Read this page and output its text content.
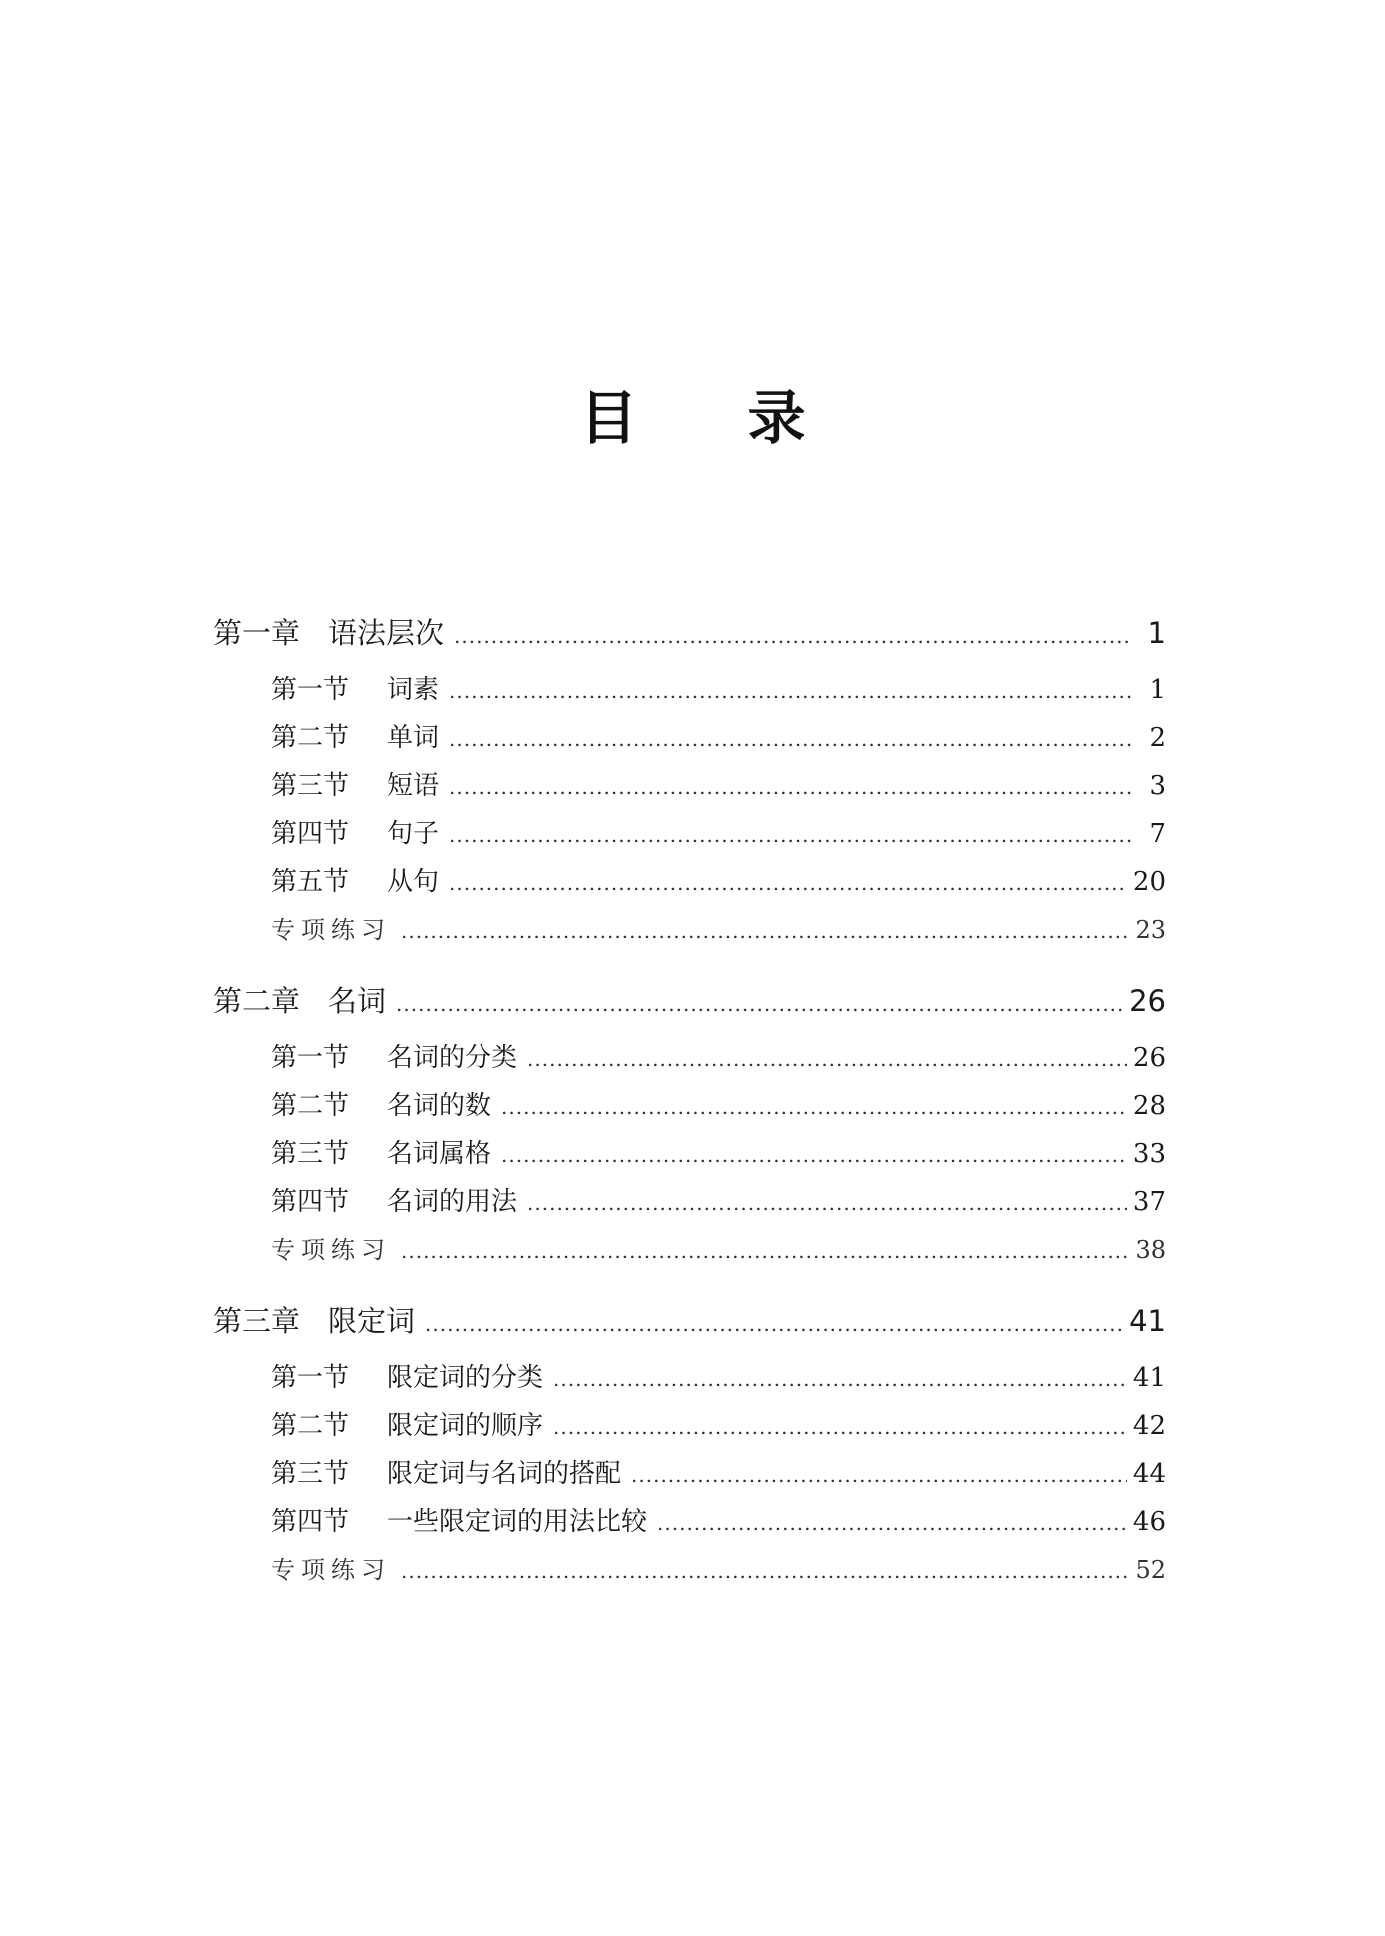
目录
第一章 语法层次 .....	1
第一节 词素 .....	1
第二节 单词 .....	2
第三节 短语 .....	3
第四节 句子 .....	7
第五节 从句 .....	20
专项练习 .....	23
第二章 名词 .....	26
第一节 名词的分类 .....	26
第二节 名词的数 .....	28
第三节 名词属格 .....	33
第四节 名词的用法 .....	37
专项练习 .....	38
第三章 限定词 .....	41
第一节 限定词的分类 .....	41
第二节 限定词的顺序 .....	42
第三节 限定词与名词的搭配 .....	44
第四节 一些限定词的用法比较 .....	46
专项练习 .....	52
